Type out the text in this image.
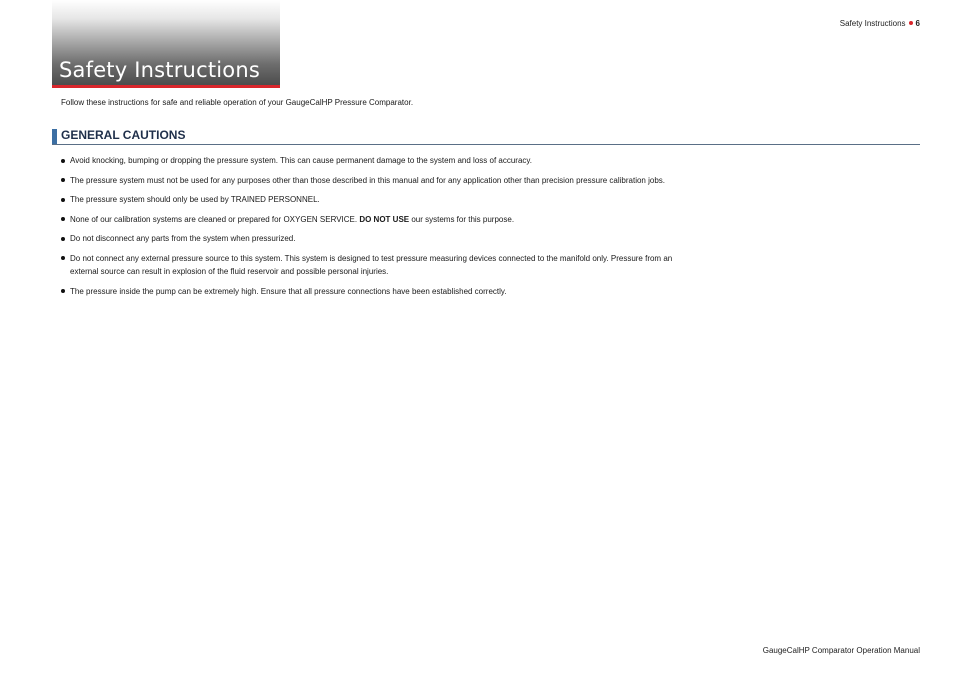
Safety Instructions
Safety Instructions 6
Follow these instructions for safe and reliable operation of your GaugeCalHP Pressure Comparator.
GENERAL CAUTIONS
Avoid knocking, bumping or dropping the pressure system. This can cause permanent damage to the system and loss of accuracy.
The pressure system must not be used for any purposes other than those described in this manual and for any application other than precision pressure calibration jobs.
The pressure system should only be used by TRAINED PERSONNEL.
None of our calibration systems are cleaned or prepared for OXYGEN SERVICE. DO NOT USE our systems for this purpose.
Do not disconnect any parts from the system when pressurized.
Do not connect any external pressure source to this system. This system is designed to test pressure measuring devices connected to the manifold only. Pressure from an external source can result in explosion of the fluid reservoir and possible personal injuries.
The pressure inside the pump can be extremely high. Ensure that all pressure connections have been established correctly.
GaugeCalHP Comparator Operation Manual
